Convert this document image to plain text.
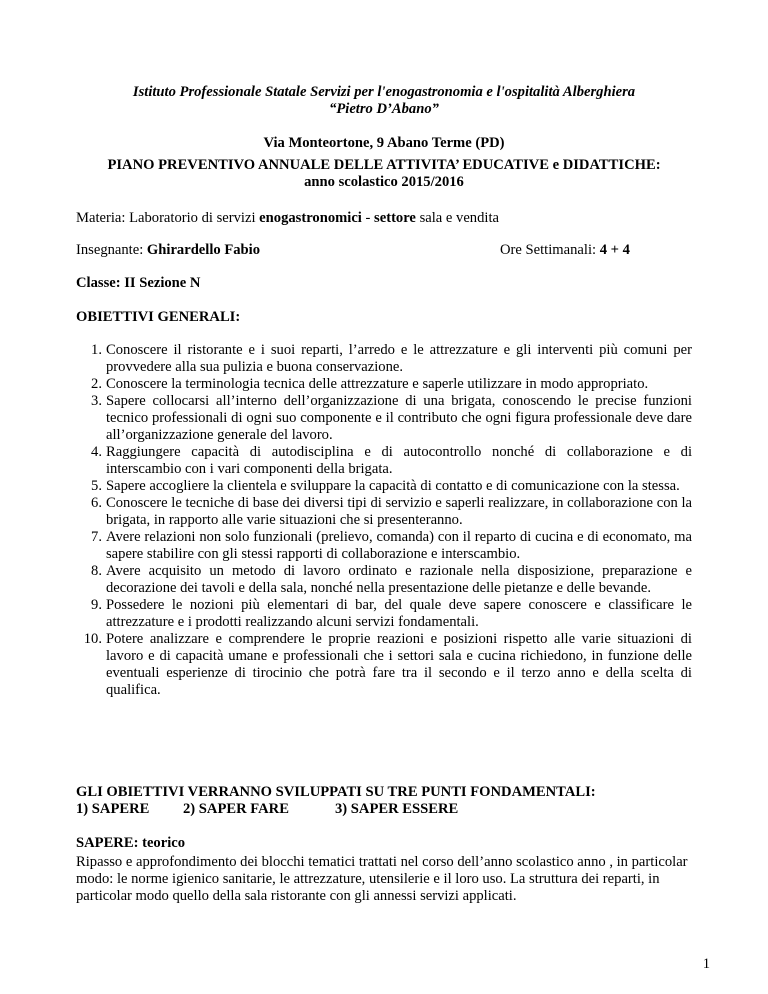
Istituto Professionale Statale Servizi per l'enogastronomia e l'ospitalità Alberghiera
“Pietro D’Abano”
Via Monteortone, 9 Abano Terme (PD)
PIANO PREVENTIVO ANNUALE DELLE ATTIVITA’ EDUCATIVE e DIDATTICHE:
anno scolastico 2015/2016
Materia: Laboratorio di servizi enogastronomici - settore sala e vendita
Insegnante: Ghirardello Fabio	Ore Settimanali: 4 + 4
Classe: II Sezione N
OBIETTIVI GENERALI:
1. Conoscere il ristorante e i suoi reparti, l’arredo e le attrezzature e gli interventi più comuni per provvedere alla sua pulizia e buona conservazione.
2. Conoscere la terminologia tecnica delle attrezzature e saperle utilizzare in modo appropriato.
3. Sapere collocarsi all’interno dell’organizzazione di una brigata, conoscendo le precise funzioni tecnico professionali di ogni suo componente e il contributo che ogni figura professionale deve dare all’organizzazione generale del lavoro.
4. Raggiungere capacità di autodisciplina e di autocontrollo nonché di collaborazione e di interscambio con i vari componenti della brigata.
5. Sapere accogliere la clientela e sviluppare la capacità di contatto e di comunicazione con la stessa.
6. Conoscere le tecniche di base dei diversi tipi di servizio e saperli realizzare, in collaborazione con la brigata, in rapporto alle varie situazioni che si presenteranno.
7. Avere relazioni non solo funzionali (prelievo, comanda) con il reparto di cucina e di economato, ma sapere stabilire con gli stessi rapporti di collaborazione e interscambio.
8. Avere acquisito un metodo di lavoro ordinato e razionale nella disposizione, preparazione e decorazione dei tavoli e della sala, nonché nella presentazione delle pietanze e delle bevande.
9. Possedere le nozioni più elementari di bar, del quale deve sapere conoscere e classificare le attrezzature e i prodotti realizzando alcuni servizi fondamentali.
10. Potere analizzare e comprendere le proprie reazioni e posizioni rispetto alle varie situazioni di lavoro e di capacità umane e professionali che i settori sala e cucina richiedono, in funzione delle eventuali esperienze di tirocinio che potrà fare tra il secondo e il terzo anno e della scelta di qualifica.
GLI OBIETTIVI VERRANNO SVILUPPATI SU TRE PUNTI FONDAMENTALI:
1) SAPERE 2) SAPER FARE	3) SAPER ESSERE
SAPERE: teorico
Ripasso e approfondimento dei blocchi tematici trattati nel corso dell’anno scolastico anno , in particolar modo: le norme igienico sanitarie, le attrezzature, utensilerie e il loro uso. La struttura dei reparti, in particolar modo quello della sala ristorante con gli annessi servizi applicati.
1
